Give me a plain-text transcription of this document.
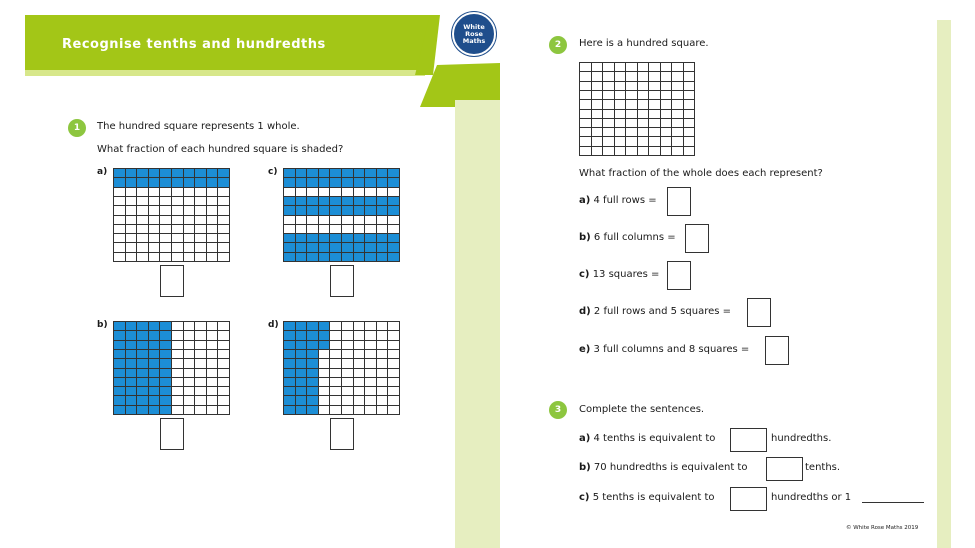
Recognise tenths and hundredths
White
Rose
Maths
1	The hundred square represents 1 whole.
What fraction of each hundred square is shaded?
a)	c)
b)	d)
2	Here is a hundred square.
What fraction of the whole does each represent?
a) 4 full rows =
b) 6 full columns =
c) 13 squares =
d) 2 full rows and 5 squares =
e) 3 full columns and 8 squares =
3	Complete the sentences.
a) 4 tenths is equivalent to	hundredths.
b) 70 hundredths is equivalent to	tenths.
c) 5 tenths is equivalent to	hundredths or 1
© White Rose Maths 2019
